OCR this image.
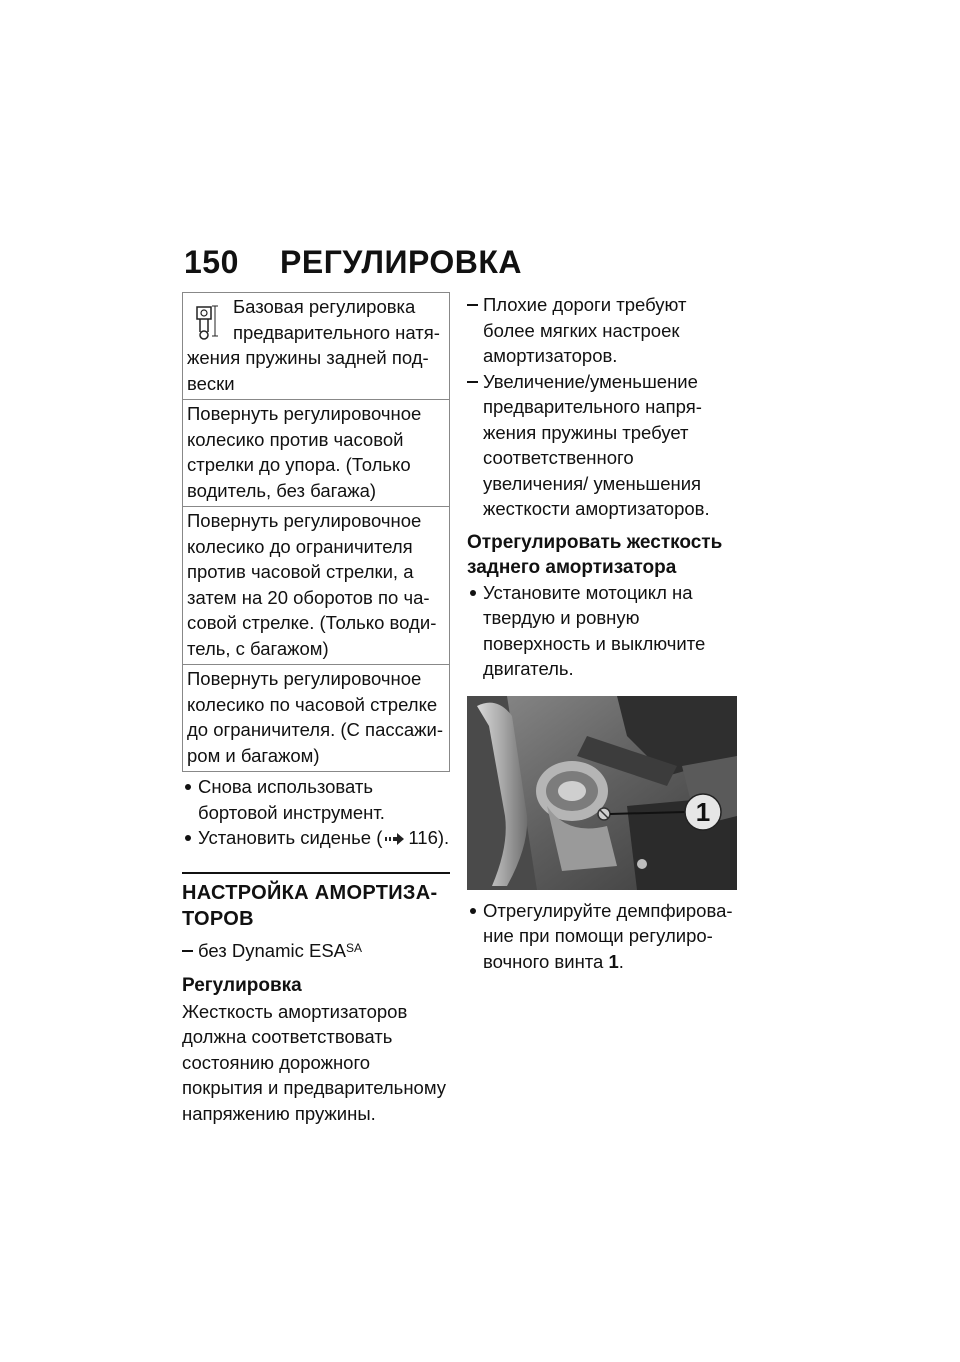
150 РЕГУЛИРОВКА
Базовая регулировка предварительного натяжения пружины задней подвески
Повернуть регулировочное колесико против часовой стрелки до упора. (Только водитель, без багажа)
Повернуть регулировочное колесико до ограничителя против часовой стрелки, а затем на 20 оборотов по часовой стрелке. (Только водитель, с багажом)
Повернуть регулировочное колесико по часовой стрелке до ограничителя. (С пассажиром и багажом)
Снова использовать бортовой инструмент.
Установить сиденье ( 116).
НАСТРОЙКА АМОРТИЗАТОРОВ
без Dynamic $ESA^{SA}$
Регулировка

Жесткость амортизаторов должна соответствовать состоянию дорожного покрытия и предварительному напряжению пружины.

Плохие дороги требуют более мягких настроек амортизаторов.
Увеличение/уменьшение предварительного напряжения пружины требует соответственного увеличения/ уменьшения жесткости амортизаторов.
Отрегулировать жесткость заднего амортизатора
Установите мотоцикл на твердую и ровную поверхность и выключите двигатель.
1
Отрегулируйте демпфирование при помощи регулировочного винта 1.
